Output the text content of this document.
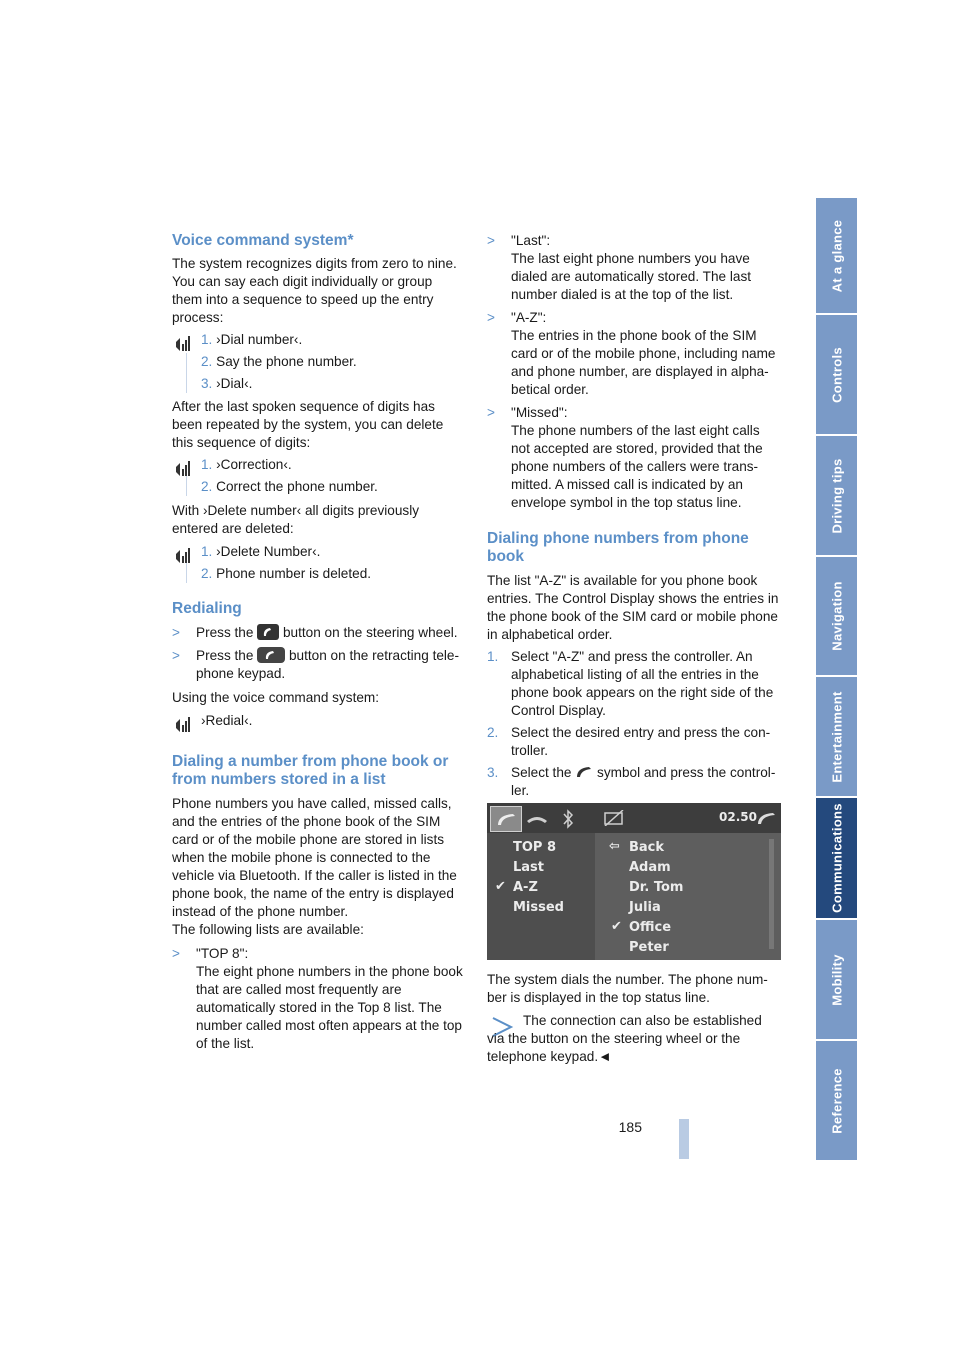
Reference
Mobility
Communications
Entertainment
Navigation
Driving tips
Controls
At a glance
185
Voice command system*

The system recognizes digits from zero to nine. You can say each digit individually or group them into a sequence to speed up the entry process:

1. ›Dial number‹.
2. Say the phone number.
3. ›Dial‹.

After the last spoken sequence of digits has been repeated by the system, you can delete this sequence of digits:

1. ›Correction‹.
2. Correct the phone number.

With ›Delete number‹ all digits previously entered are deleted:

1. ›Delete Number‹.
2. Phone number is deleted.
Redialing
> Press the button on the steering wheel.
> Press the	button on the retracting tele-phone keypad.

Using the voice command system:

›Redial‹.
Dialing a number from phone book or from numbers stored in a list

Phone numbers you have called, missed calls, and the entries of the phone book of the SIM card or of the mobile phone are stored in lists when the mobile phone is connected to the vehicle via Bluetooth. If the caller is listed in the phone book, the name of the entry is displayed instead of the phone number.

The following lists are available:

> "TOP 8":
The eight phone numbers in the phone book that are called most frequently are automatically stored in the Top 8 list. The number called most often appears at the top of the list.
> "Last":
The last eight phone numbers you have dialed are automatically stored. The last number dialed is at the top of the list.
> "A-Z":
The entries in the phone book of the SIM card or of the mobile phone, including name and phone number, are displayed in alpha-betical order.
> "Missed":
The phone numbers of the last eight calls not accepted are stored, provided that the phone numbers of the callers were trans-mitted. A missed call is indicated by an envelope symbol in the top status line.
Dialing phone numbers from phone book

The list "A-Z" is available for you phone book entries. The Control Display shows the entries in the phone book of the SIM card or mobile phone in alphabetical order.

1. Select "A-Z" and press the controller. An alphabetical listing of all the entries in the phone book appears on the right side of the Control Display.
2. Select the desired entry and press the con-troller.
3. Select the symbol and press the control-ler.
02.50
TOP 8
Last
✔ A-Z
Missed
⇦ Back
Adam
Dr. Tom
Julia
✔ Office
Peter

The system dials the number. The phone num-ber is displayed in the top status line.

The connection can also be established via the button on the steering wheel or the telephone keypad.◄
